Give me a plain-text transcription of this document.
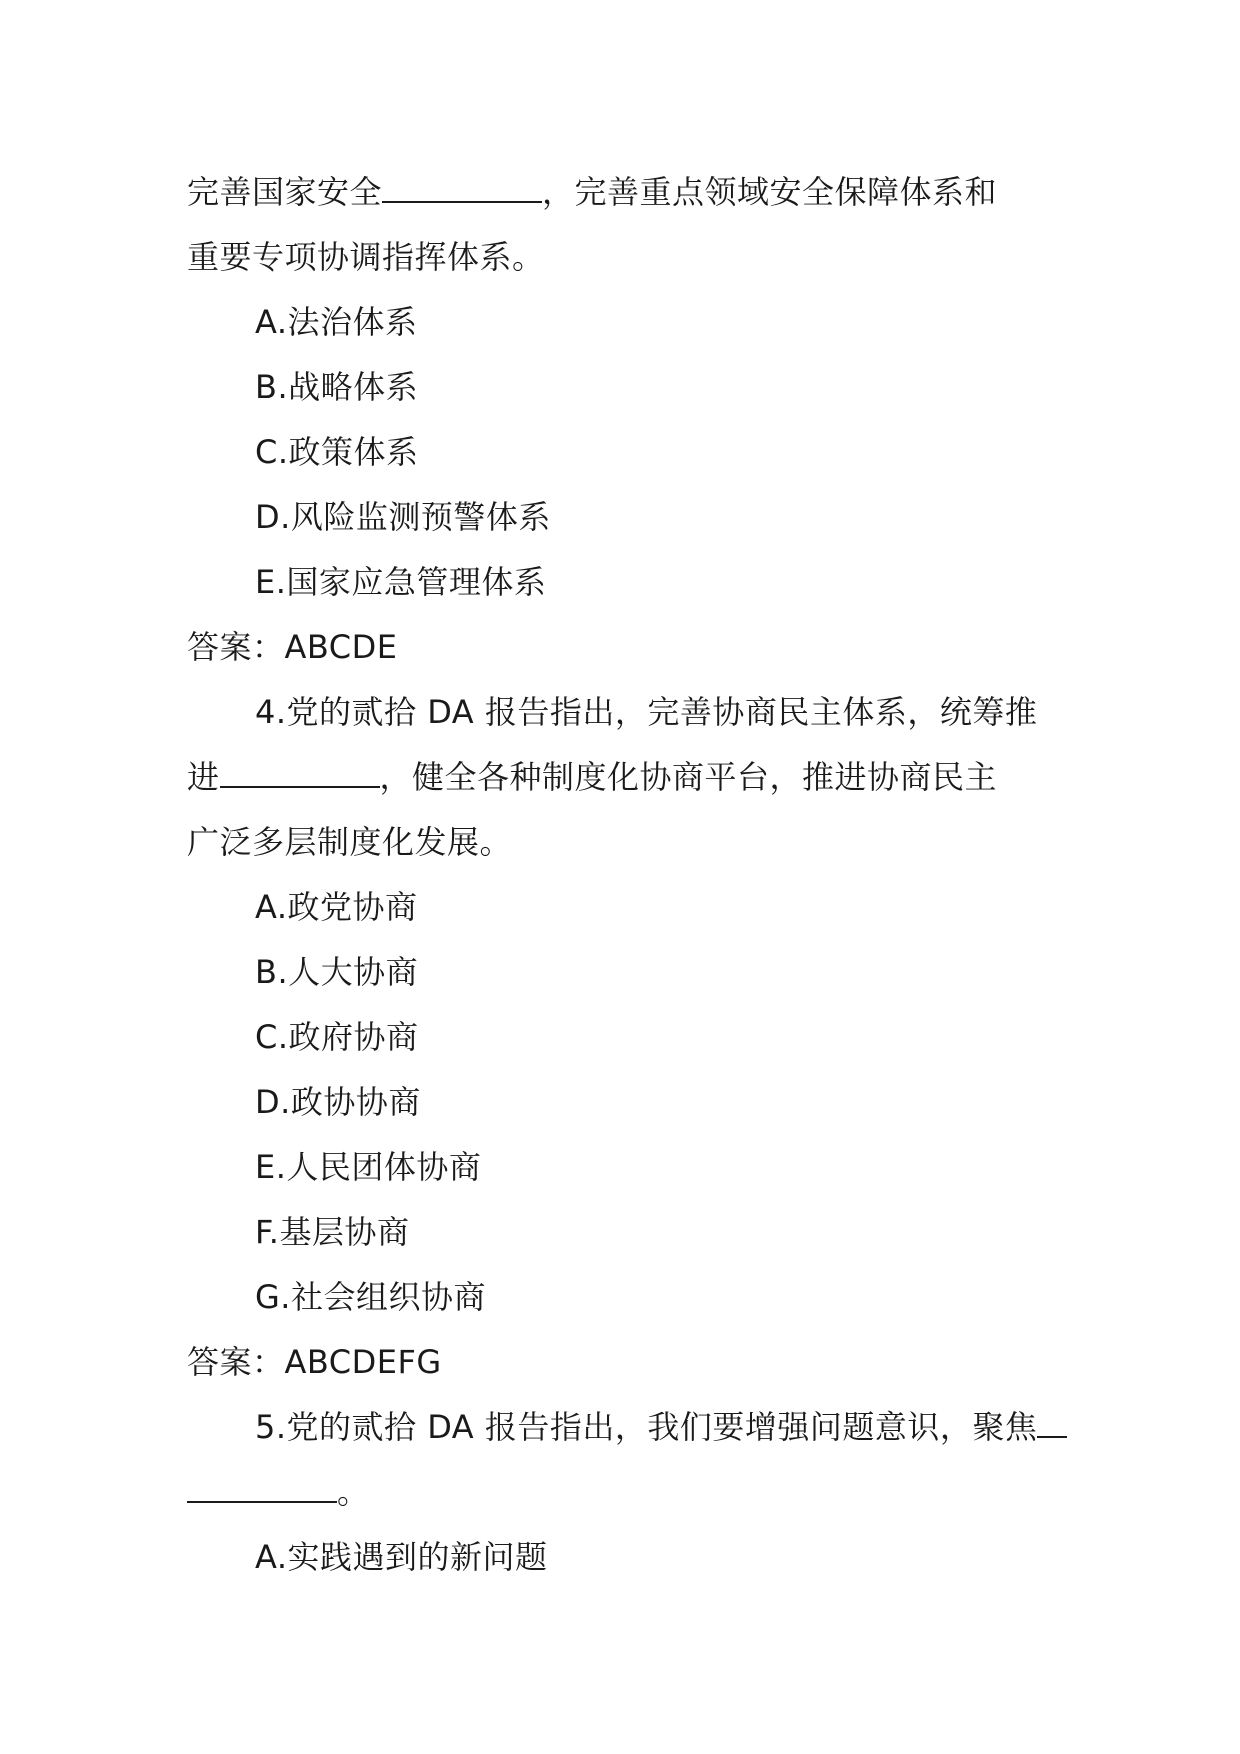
完善国家安全	，完善重点领域安全保障体系和
重要专项协调指挥体系。
A.法治体系
B.战略体系
C.政策体系
D.风险监测预警体系
E.国家应急管理体系
答案：ABCDE
4.党的贰拾 DA 报告指出，完善协商民主体系，统筹推
进	，健全各种制度化协商平台，推进协商民主
广泛多层制度化发展。
A.政党协商
B.人大协商
C.政府协商
D.政协协商
E.人民团体协商
F.基层协商
G.社会组织协商
答案：ABCDEFG
5.党的贰拾 DA 报告指出，我们要增强问题意识，聚焦
。
A.实践遇到的新问题
